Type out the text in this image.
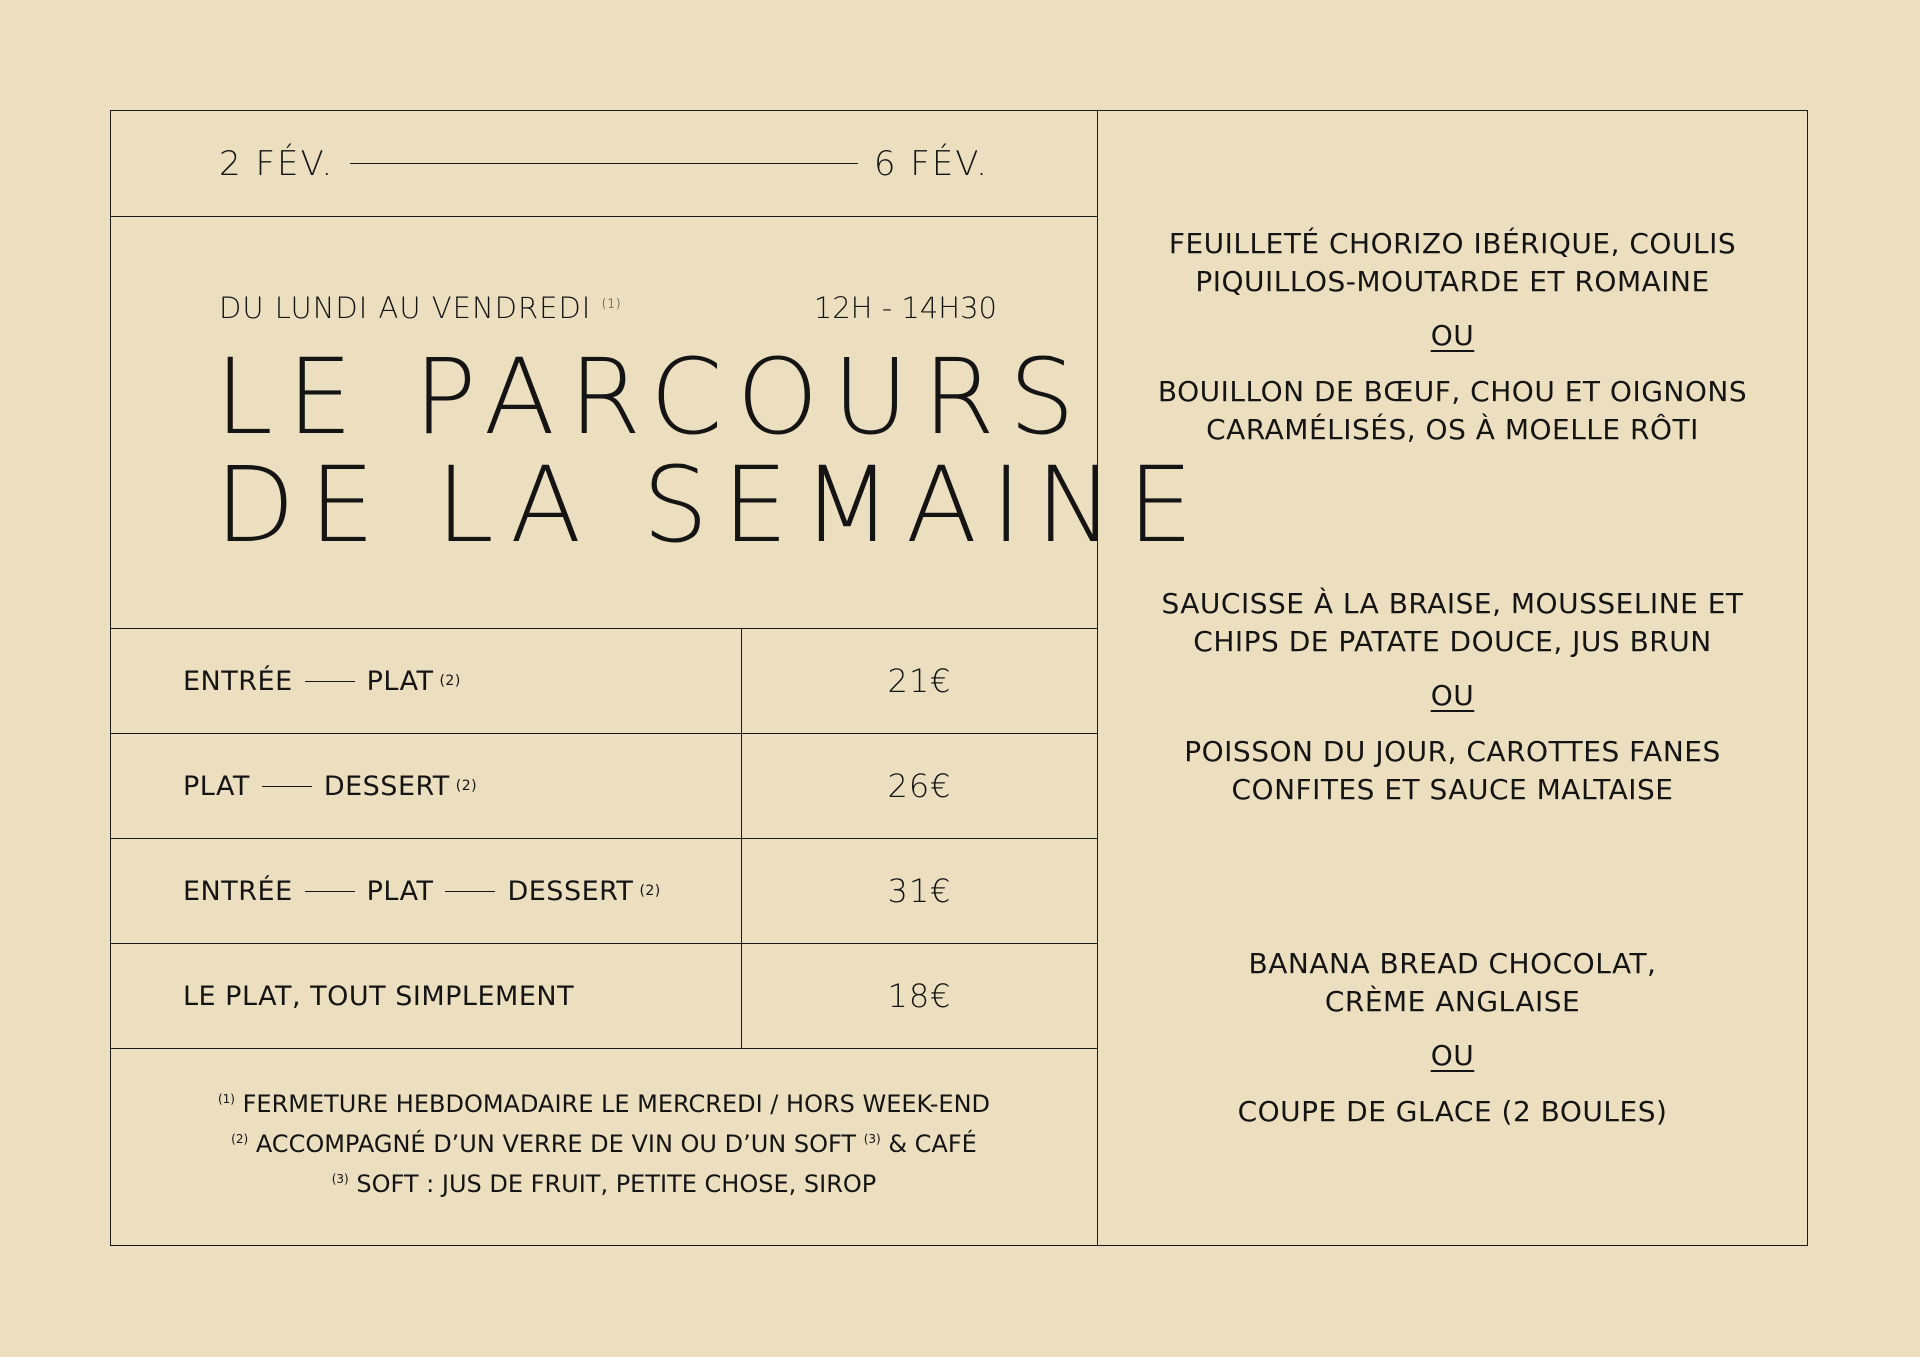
2 FÉV.	6 FÉV.
DU LUNDI AU VENDREDI $^{(1)}$	12H - 14H30
LE PARCOURS
DE LA SEMAINE
ENTRÉE	PLAT (2)	21€
PLAT	DESSERT (2)	26€
ENTRÉE	PLAT	DESSERT (2)	31€
LE PLAT, TOUT SIMPLEMENT	18€
$^{(1)}$ FERMETURE HEBDOMADAIRE LE MERCREDI / HORS WEEK-END
$^{(2)}$ ACCOMPAGNÉ D’UN VERRE DE VIN OU D’UN SOFT $^{(3)}$ & CAFÉ
$^{(3)}$ SOFT : JUS DE FRUIT, PETITE CHOSE, SIROP
FEUILLETÉ CHORIZO IBÉRIQUE, COULIS
PIQUILLOS-MOUTARDE ET ROMAINE
OU
BOUILLON DE BŒUF, CHOU ET OIGNONS
CARAMÉLISÉS, OS À MOELLE RÔTI
SAUCISSE À LA BRAISE, MOUSSELINE ET
CHIPS DE PATATE DOUCE, JUS BRUN
OU
POISSON DU JOUR, CAROTTES FANES
CONFITES ET SAUCE MALTAISE
BANANA BREAD CHOCOLAT,
CRÈME ANGLAISE
OU
COUPE DE GLACE (2 BOULES)
